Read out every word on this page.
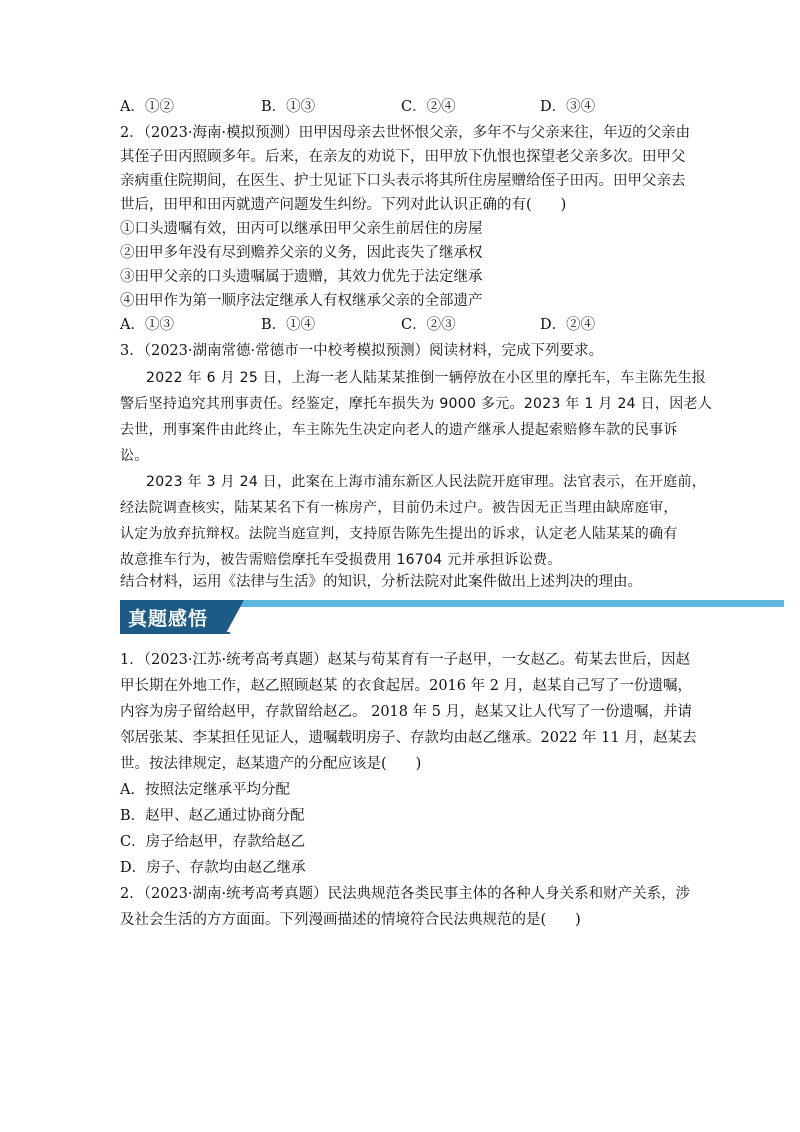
A．①②	B．①③	C．②④	D．③④
2．（2023·海南·模拟预测）田甲因母亲去世怀恨父亲，多年不与父亲来往，年迈的父亲由
其侄子田丙照顾多年。后来，在亲友的劝说下，田甲放下仇恨也探望老父亲多次。田甲父
亲病重住院期间，在医生、护士见证下口头表示将其所住房屋赠给侄子田丙。田甲父亲去
世后，田甲和田丙就遗产问题发生纠纷。下列对此认识正确的有(　　)
①口头遗嘱有效，田丙可以继承田甲父亲生前居住的房屋
②田甲多年没有尽到赡养父亲的义务，因此丧失了继承权
③田甲父亲的口头遗嘱属于遗赠，其效力优先于法定继承
④田甲作为第一顺序法定继承人有权继承父亲的全部遗产
A．①③	B．①④	C．②③	D．②④
3．（2023·湖南常德·常德市一中校考模拟预测）阅读材料，完成下列要求。
2022 年 6 月 25 日，上海一老人陆某某推倒一辆停放在小区里的摩托车，车主陈先生报
警后坚持追究其刑事责任。经鉴定，摩托车损失为 9000 多元。2023 年 1 月 24 日，因老人
去世，刑事案件由此终止，车主陈先生决定向老人的遗产继承人提起索赔修车款的民事诉
讼。
2023 年 3 月 24 日，此案在上海市浦东新区人民法院开庭审理。法官表示，在开庭前，
经法院调查核实，陆某某名下有一栋房产，目前仍未过户。被告因无正当理由缺席庭审，
认定为放弃抗辩权。法院当庭宣判，支持原告陈先生提出的诉求，认定老人陆某某的确有
故意推车行为，被告需赔偿摩托车受损费用 16704 元并承担诉讼费。
结合材料，运用《法律与生活》的知识，分析法院对此案件做出上述判决的理由。
真题感悟
1．（2023·江苏·统考高考真题）赵某与荀某育有一子赵甲，一女赵乙。荀某去世后，因赵
甲长期在外地工作，赵乙照顾赵某 的衣食起居。2016 年 2 月，赵某自己写了一份遗嘱，
内容为房子留给赵甲，存款留给赵乙。 2018 年 5 月，赵某又让人代写了一份遗嘱，并请
邻居张某、李某担任见证人，遗嘱载明房子、存款均由赵乙继承。2022 年 11 月，赵某去
世。按法律规定，赵某遗产的分配应该是(　　)
A．按照法定继承平均分配
B．赵甲、赵乙通过协商分配
C．房子给赵甲，存款给赵乙
D．房子、存款均由赵乙继承
2．（2023·湖南·统考高考真题）民法典规范各类民事主体的各种人身关系和财产关系，涉
及社会生活的方方面面。下列漫画描述的情境符合民法典规范的是(　　)
